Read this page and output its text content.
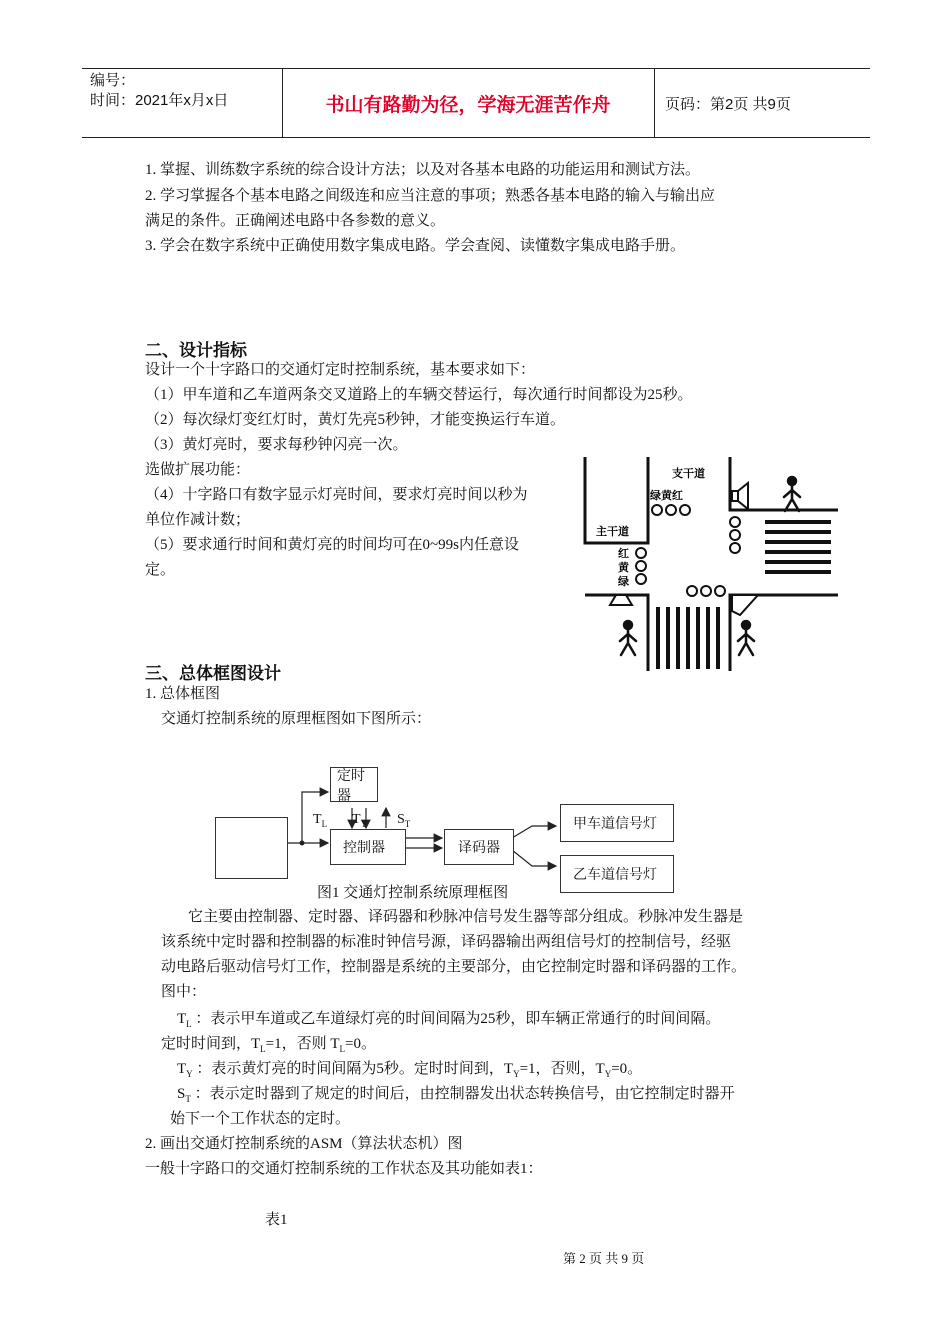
编号：
时间：2021年x月x日	书山有路勤为径，学海无涯苦作舟	页码：第2页 共9页
1. 掌握、训练数字系统的综合设计方法；以及对各基本电路的功能运用和测试方法。
2. 学习掌握各个基本电路之间级连和应当注意的事项；熟悉各基本电路的输入与输出应
满足的条件。正确阐述电路中各参数的意义。
3. 学会在数字系统中正确使用数字集成电路。学会查阅、读懂数字集成电路手册。
二、设计指标
设计一个十字路口的交通灯定时控制系统，基本要求如下：
（1）甲车道和乙车道两条交叉道路上的车辆交替运行，每次通行时间都设为25秒。
（2）每次绿灯变红灯时，黄灯先亮5秒钟，才能变换运行车道。
（3）黄灯亮时，要求每秒钟闪亮一次。
选做扩展功能：
（4）十字路口有数字显示灯亮时间，要求灯亮时间以秒为
单位作减计数；
（5）要求通行时间和黄灯亮的时间均可在0~99s内任意设
定。
支干道
绿黄红
主干道
红
黄
绿
三、总体框图设计
1. 总体框图
交通灯控制系统的原理框图如下图所示：
定时器
控制器	译码器
甲车道信号灯
乙车道信号灯
$T_L$ $T_Y$ $S_T$
图1 交通灯控制系统原理框图
它主要由控制器、定时器、译码器和秒脉冲信号发生器等部分组成。秒脉冲发生器是
该系统中定时器和控制器的标准时钟信号源，译码器输出两组信号灯的控制信号，经驱
动电路后驱动信号灯工作，控制器是系统的主要部分，由它控制定时器和译码器的工作。
图中：
$T_L$ ：表示甲车道或乙车道绿灯亮的时间间隔为25秒，即车辆正常通行的时间间隔。
定时时间到，$T_L=1$，否则 $T_L=0$。
$T_Y$ ：表示黄灯亮的时间间隔为5秒。定时时间到，$T_Y=1$，否则，$T_Y=0$。
$S_T$ ：表示定时器到了规定的时间后，由控制器发出状态转换信号，由它控制定时器开
始下一个工作状态的定时。
2. 画出交通灯控制系统的ASM（算法状态机）图
一般十字路口的交通灯控制系统的工作状态及其功能如表1：
表1
第 2 页 共 9 页
